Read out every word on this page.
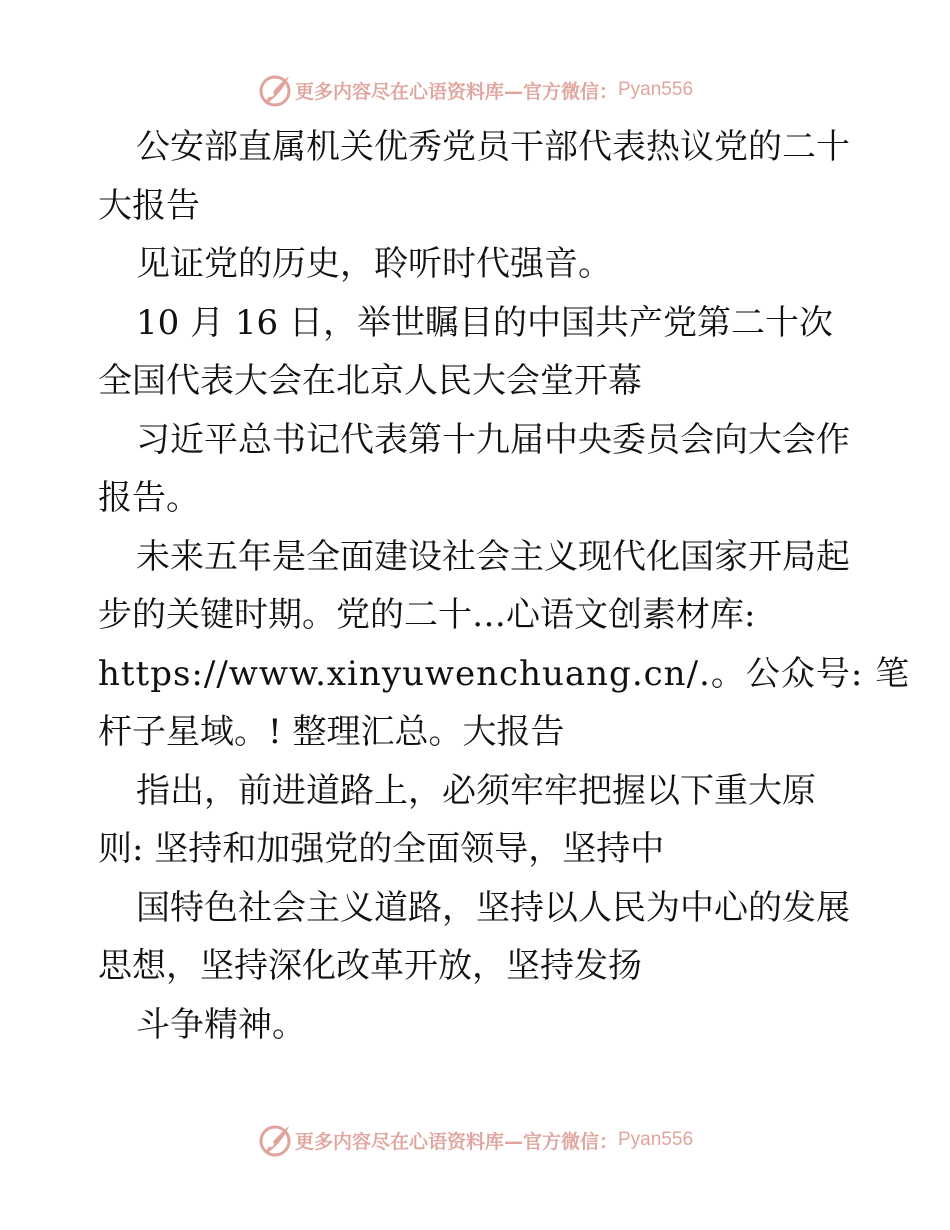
更多内容尽在心语资料库—官方微信： Pyan556
公安部直属机关优秀党员干部代表热议党的二十
大报告
见证党的历史，聆听时代强音。
10 月 16 日，举世瞩目的中国共产党第二十次
全国代表大会在北京人民大会堂开幕
习近平总书记代表第十九届中央委员会向大会作
报告。
未来五年是全面建设社会主义现代化国家开局起
步的关键时期。党的二十…心语文创素材库:
https://www.xinyuwenchuang.cn/.。公众号: 笔
杆子星域。! 整理汇总。大报告
指出，前进道路上，必须牢牢把握以下重大原
则: 坚持和加强党的全面领导，坚持中
国特色社会主义道路，坚持以人民为中心的发展
思想，坚持深化改革开放，坚持发扬
斗争精神。
更多内容尽在心语资料库—官方微信： Pyan556
